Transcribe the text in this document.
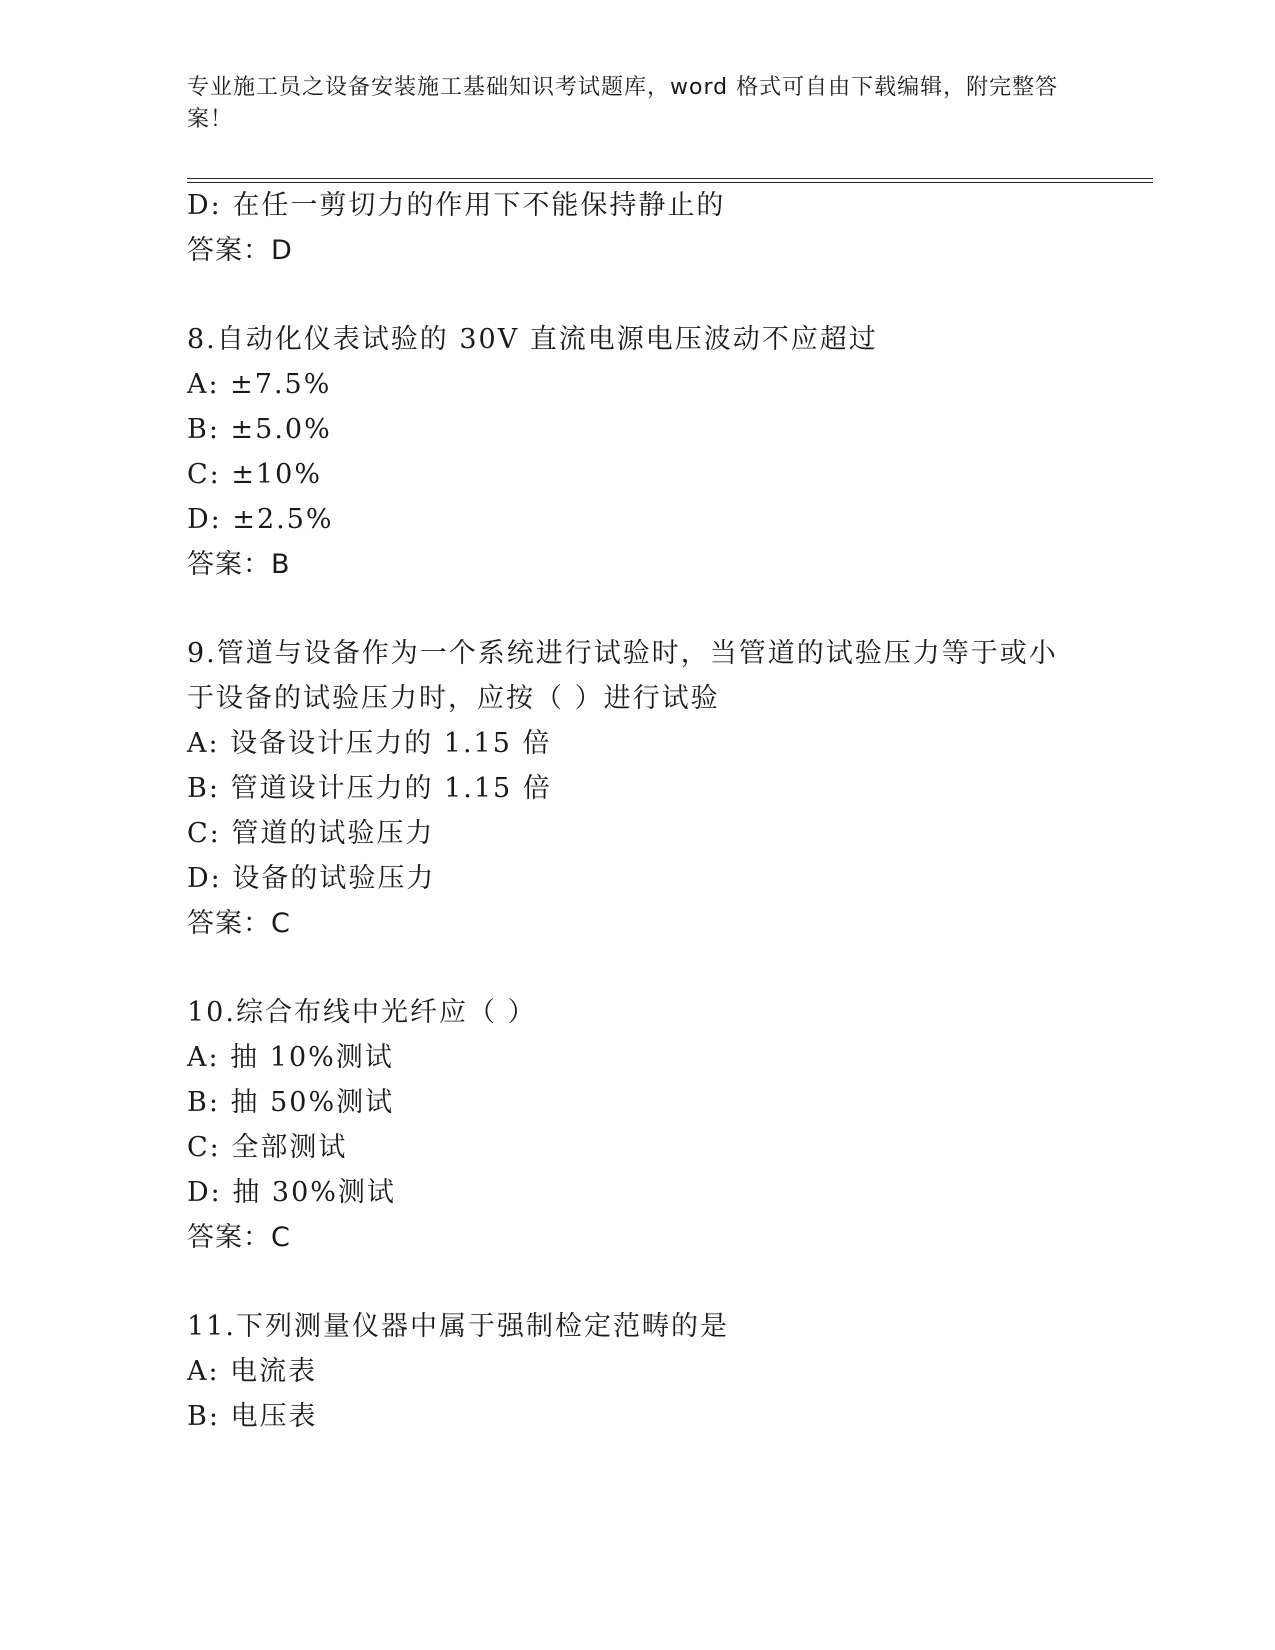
专业施工员之设备安装施工基础知识考试题库，word 格式可自由下载编辑，附完整答案！
D: 在任一剪切力的作用下不能保持静止的
答案：D
8.自动化仪表试验的 30V 直流电源电压波动不应超过
A: ±7.5%
B: ±5.0%
C: ±10%
D: ±2.5%
答案：B
9.管道与设备作为一个系统进行试验时，当管道的试验压力等于或小
于设备的试验压力时，应按（ ）进行试验
A: 设备设计压力的 1.15 倍
B: 管道设计压力的 1.15 倍
C: 管道的试验压力
D: 设备的试验压力
答案：C
10.综合布线中光纤应（ ）
A: 抽 10%测试
B: 抽 50%测试
C: 全部测试
D: 抽 30%测试
答案：C
11.下列测量仪器中属于强制检定范畴的是
A: 电流表
B: 电压表
